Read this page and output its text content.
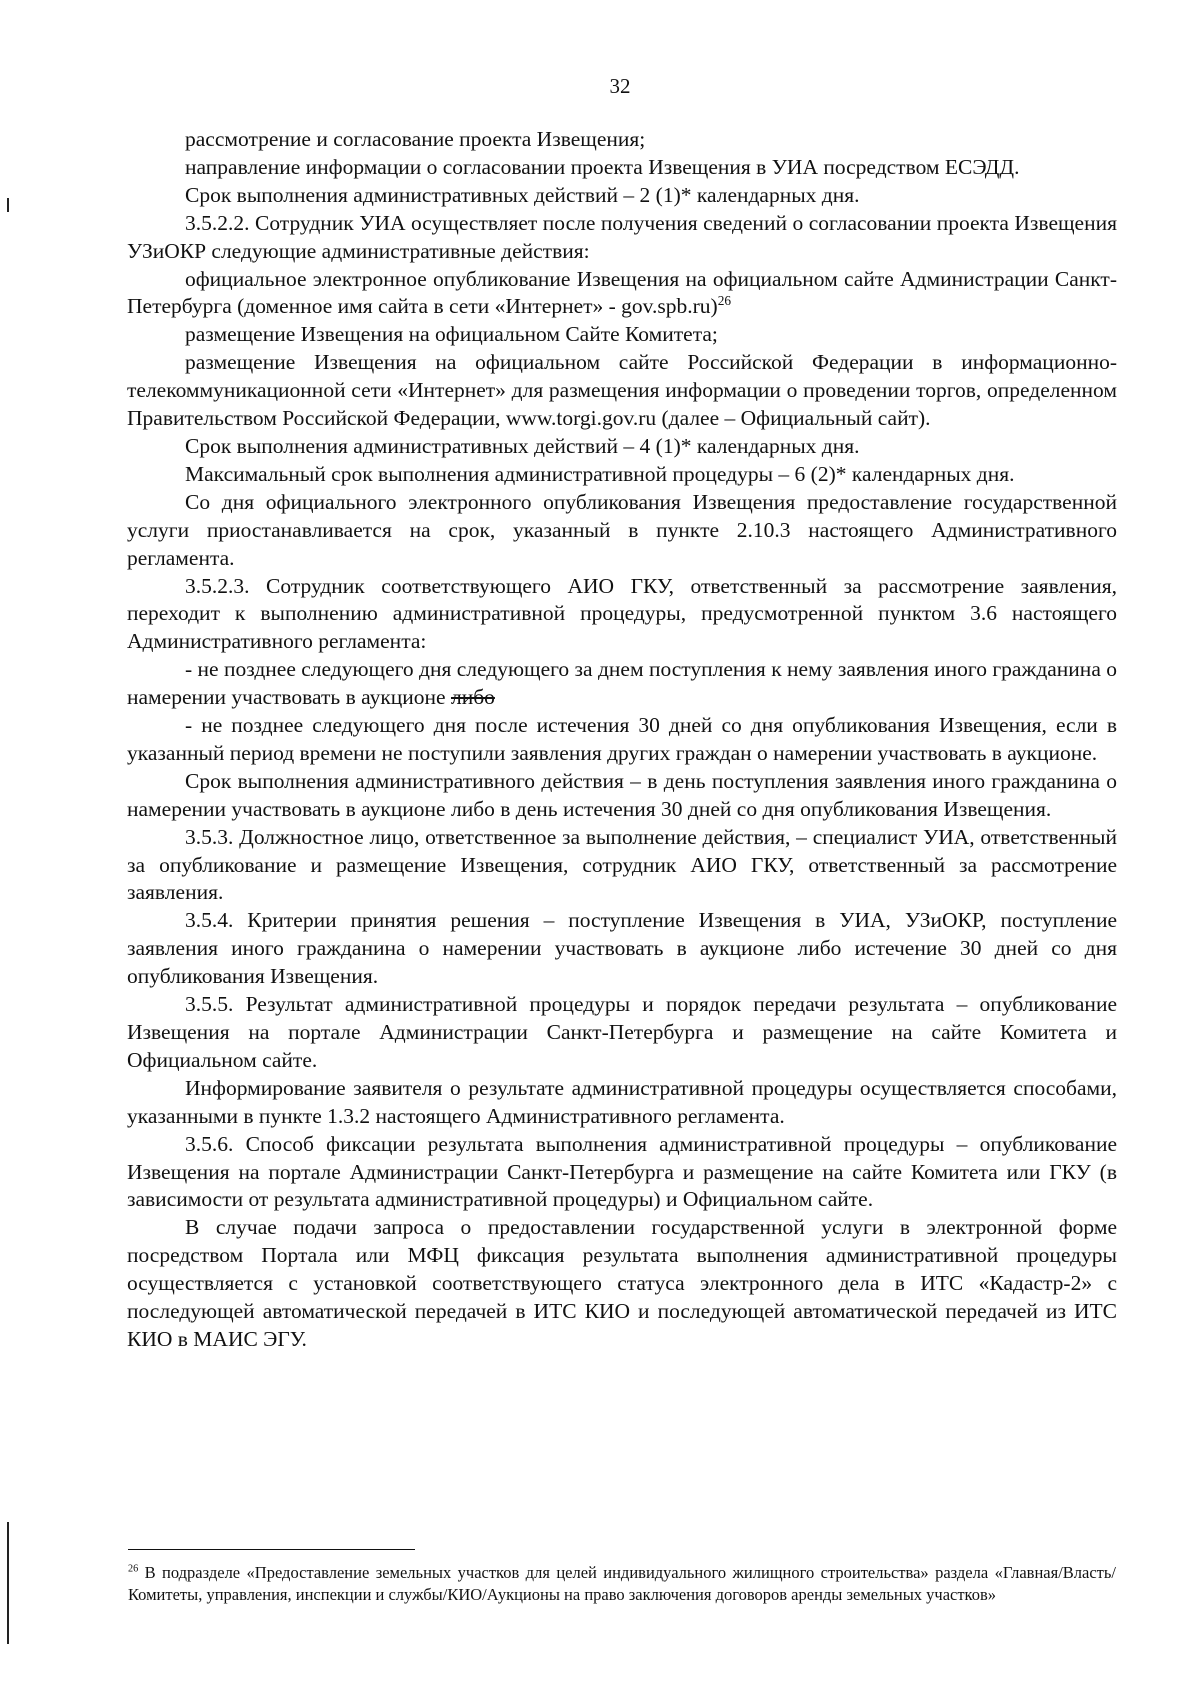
32

рассмотрение и согласование проекта Извещения;

направление информации о согласовании проекта Извещения в УИА посредством ЕСЭДД.

Срок выполнения административных действий – 2 (1)* календарных дня.

3.5.2.2. Сотрудник УИА осуществляет после получения сведений о согласовании проекта Извещения УЗиОКР следующие административные действия:

официальное электронное опубликование Извещения на официальном сайте Администрации Санкт-Петербурга (доменное имя сайта в сети «Интернет» - gov.spb.ru)$^{26}$

размещение Извещения на официальном Сайте Комитета;

размещение Извещения на официальном сайте Российской Федерации в информационно-телекоммуникационной сети «Интернет» для размещения информации о проведении торгов, определенном Правительством Российской Федерации, www.torgi.gov.ru (далее – Официальный сайт).

Срок выполнения административных действий – 4 (1)* календарных дня.

Максимальный срок выполнения административной процедуры – 6 (2)* календарных дня.

Со дня официального электронного опубликования Извещения предоставление государственной услуги приостанавливается на срок, указанный в пункте 2.10.3 настоящего Административного регламента.

3.5.2.3. Сотрудник соответствующего АИО ГКУ, ответственный за рассмотрение заявления, переходит к выполнению административной процедуры, предусмотренной пунктом 3.6 настоящего Административного регламента:

- не позднее следующего дня следующего за днем поступления к нему заявления иного гражданина о намерении участвовать в аукционе либо

- не позднее следующего дня после истечения 30 дней со дня опубликования Извещения, если в указанный период времени не поступили заявления других граждан о намерении участвовать в аукционе.

Срок выполнения административного действия – в день поступления заявления иного гражданина о намерении участвовать в аукционе либо в день истечения 30 дней со дня опубликования Извещения.

3.5.3. Должностное лицо, ответственное за выполнение действия, – специалист УИА, ответственный за опубликование и размещение Извещения, сотрудник АИО ГКУ, ответственный за рассмотрение заявления.

3.5.4. Критерии принятия решения – поступление Извещения в УИА, УЗиОКР, поступление заявления иного гражданина о намерении участвовать в аукционе либо истечение 30 дней со дня опубликования Извещения.

3.5.5. Результат административной процедуры и порядок передачи результата – опубликование Извещения на портале Администрации Санкт-Петербурга и размещение на сайте Комитета и Официальном сайте.

Информирование заявителя о результате административной процедуры осуществляется способами, указанными в пункте 1.3.2 настоящего Административного регламента.

3.5.6. Способ фиксации результата выполнения административной процедуры – опубликование Извещения на портале Администрации Санкт-Петербурга и размещение на сайте Комитета или ГКУ (в зависимости от результата административной процедуры) и Официальном сайте.

В случае подачи запроса о предоставлении государственной услуги в электронной форме посредством Портала или МФЦ фиксация результата выполнения административной процедуры осуществляется с установкой соответствующего статуса электронного дела в ИТС «Кадастр-2» с последующей автоматической передачей в ИТС КИО и последующей автоматической передачей из ИТС КИО в МАИС ЭГУ.

$^{26}$ В подразделе «Предоставление земельных участков для целей индивидуального жилищного строительства» раздела «Главная/Власть/Комитеты, управления, инспекции и службы/КИО/Аукционы на право заключения договоров аренды земельных участков»
